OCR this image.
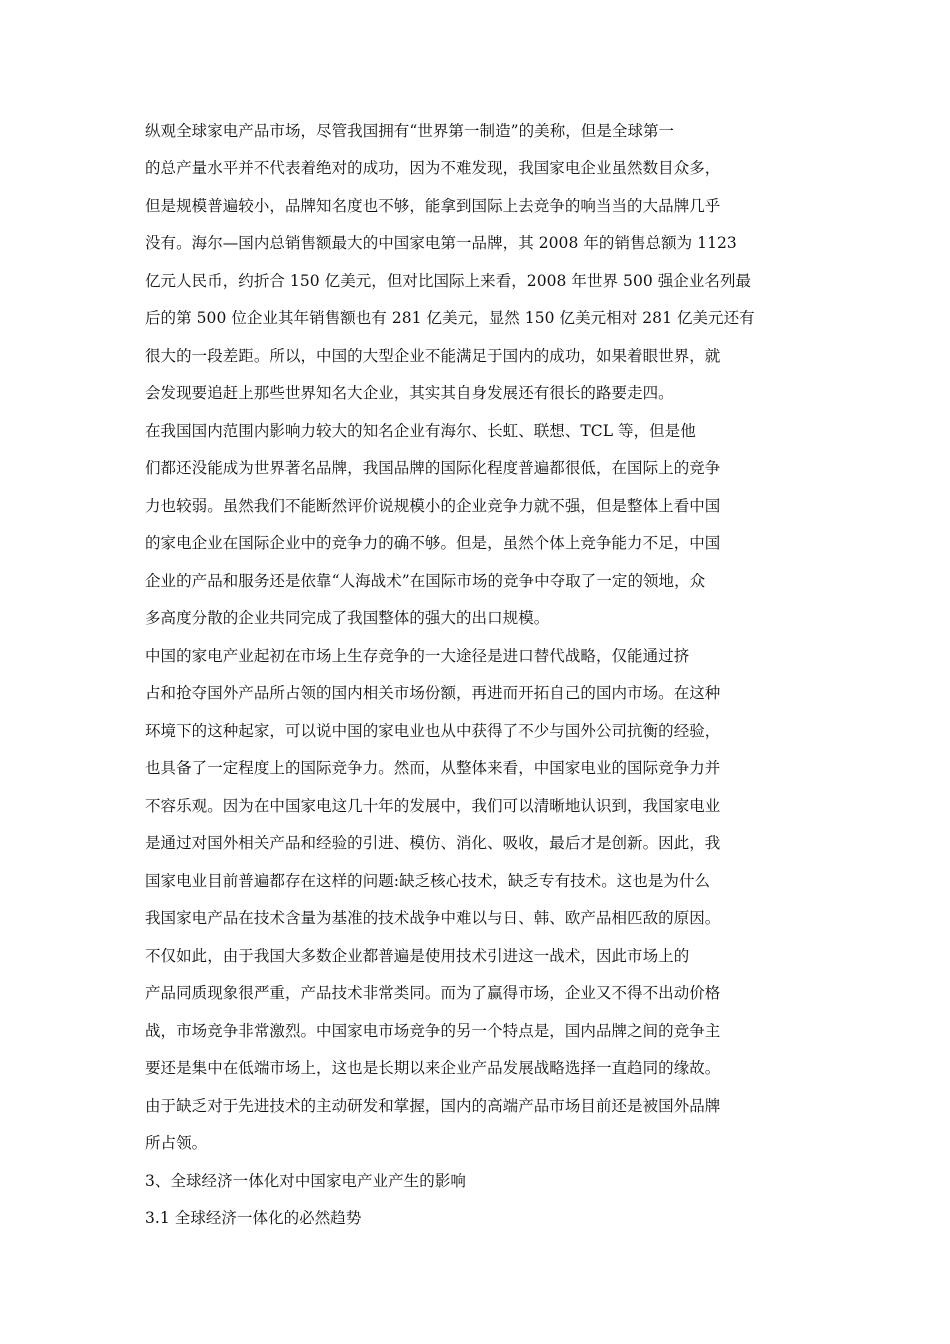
纵观全球家电产品市场，尽管我国拥有“世界第一制造”的美称，但是全球第一
的总产量水平并不代表着绝对的成功，因为不难发现，我国家电企业虽然数目众多，
但是规模普遍较小，品牌知名度也不够，能拿到国际上去竞争的响当当的大品牌几乎
没有。海尔—国内总销售额最大的中国家电第一品牌，其 2008 年的销售总额为 1123
亿元人民币，约折合 150 亿美元，但对比国际上来看，2008 年世界 500 强企业名列最
后的第 500 位企业其年销售额也有 281 亿美元，显然 150 亿美元相对 281 亿美元还有
很大的一段差距。所以，中国的大型企业不能满足于国内的成功，如果着眼世界，就
会发现要追赶上那些世界知名大企业，其实其自身发展还有很长的路要走四。
在我国国内范围内影响力较大的知名企业有海尔、长虹、联想、TCL 等，但是他
们都还没能成为世界著名品牌，我国品牌的国际化程度普遍都很低，在国际上的竞争
力也较弱。虽然我们不能断然评价说规模小的企业竞争力就不强，但是整体上看中国
的家电企业在国际企业中的竞争力的确不够。但是，虽然个体上竞争能力不足，中国
企业的产品和服务还是依靠“人海战术”在国际市场的竞争中夺取了一定的领地，众
多高度分散的企业共同完成了我国整体的强大的出口规模。
中国的家电产业起初在市场上生存竞争的一大途径是进口替代战略，仅能通过挤
占和抢夺国外产品所占领的国内相关市场份额，再进而开拓自己的国内市场。在这种
环境下的这种起家，可以说中国的家电业也从中获得了不少与国外公司抗衡的经验，
也具备了一定程度上的国际竞争力。然而，从整体来看，中国家电业的国际竞争力并
不容乐观。因为在中国家电这几十年的发展中，我们可以清晰地认识到，我国家电业
是通过对国外相关产品和经验的引进、模仿、消化、吸收，最后才是创新。因此，我
国家电业目前普遍都存在这样的问题:缺乏核心技术，缺乏专有技术。这也是为什么
我国家电产品在技术含量为基准的技术战争中难以与日、韩、欧产品相匹敌的原因。
不仅如此，由于我国大多数企业都普遍是使用技术引进这一战术，因此市场上的
产品同质现象很严重，产品技术非常类同。而为了赢得市场，企业又不得不出动价格
战，市场竞争非常激烈。中国家电市场竞争的另一个特点是，国内品牌之间的竞争主
要还是集中在低端市场上，这也是长期以来企业产品发展战略选择一直趋同的缘故。
由于缺乏对于先进技术的主动研发和掌握，国内的高端产品市场目前还是被国外品牌
所占领。
3、全球经济一体化对中国家电产业产生的影响
3.1 全球经济一体化的必然趋势
